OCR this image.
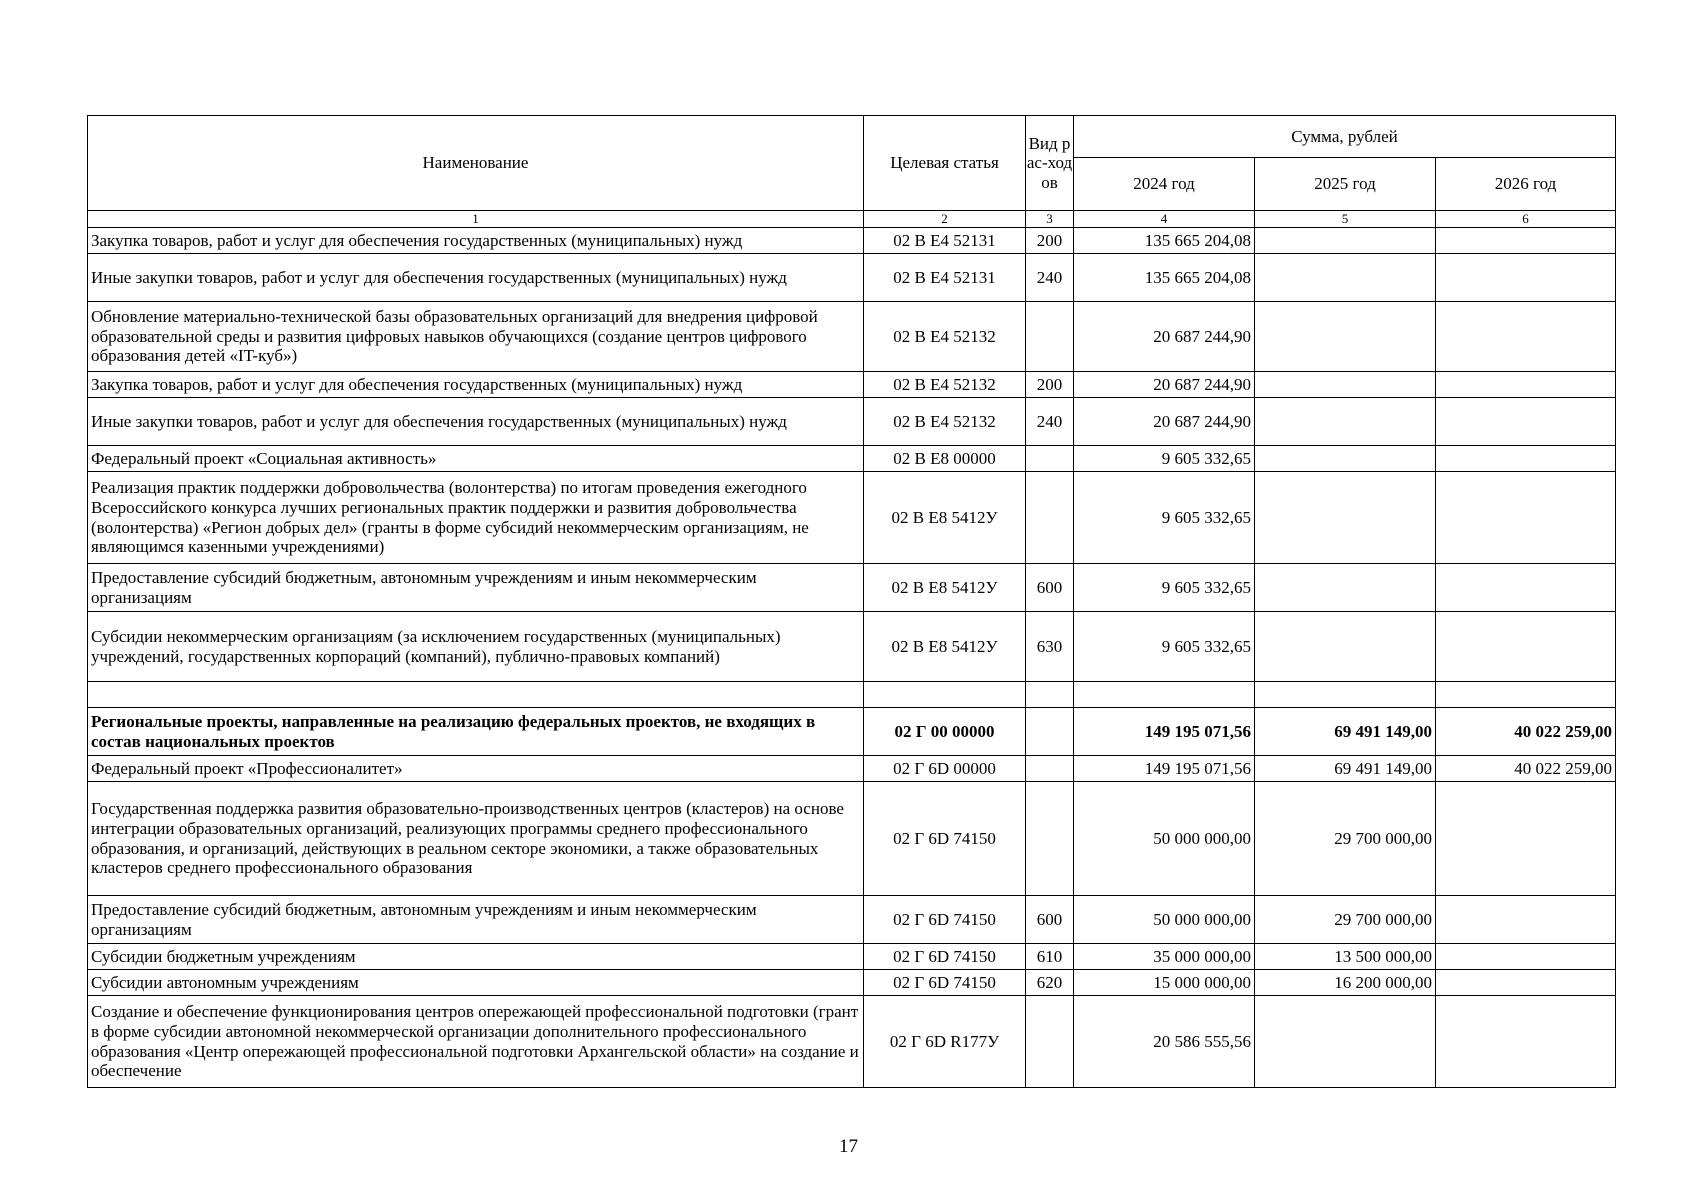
Наименование	Целевая статья	Вид рас-ходов	Сумма, рублей		
			2024 год	2025 год	2026 год
1	2	3	4	5	6
Закупка товаров, работ и услуг для обеспечения государственных (муниципальных) нужд	02 В Е4 52131	200	135 665 204,08		
Иные закупки товаров, работ и услуг для обеспечения государственных (муниципальных) нужд	02 В Е4 52131	240	135 665 204,08		
Обновление материально-технической базы образовательных организаций для внедрения цифровой образовательной среды и развития цифровых навыков обучающихся (создание центров цифрового образования детей «IT-куб»)	02 В Е4 52132		20 687 244,90		
Закупка товаров, работ и услуг для обеспечения государственных (муниципальных) нужд	02 В Е4 52132	200	20 687 244,90		
Иные закупки товаров, работ и услуг для обеспечения государственных (муниципальных) нужд	02 В Е4 52132	240	20 687 244,90		
Федеральный проект «Социальная активность»	02 В Е8 00000		9 605 332,65		
Реализация практик поддержки добровольчества (волонтерства) по итогам проведения ежегодного Всероссийского конкурса лучших региональных практик поддержки и развития добровольчества (волонтерства) «Регион добрых дел» (гранты в форме субсидий некоммерческим организациям, не являющимся казенными учреждениями)	02 В Е8 5412У		9 605 332,65		
Предоставление субсидий бюджетным, автономным учреждениям и иным некоммерческим организациям	02 В Е8 5412У	600	9 605 332,65		
Субсидии некоммерческим организациям (за исключением государственных (муниципальных) учреждений, государственных корпораций (компаний), публично-правовых компаний)	02 В Е8 5412У	630	9 605 332,65		

Региональные проекты, направленные на реализацию федеральных проектов, не входящих в состав национальных проектов	02 Г 00 00000		149 195 071,56	69 491 149,00	40 022 259,00
Федеральный проект «Профессионалитет»	02 Г 6D 00000		149 195 071,56	69 491 149,00	40 022 259,00
Государственная поддержка развития образовательно-производственных центров (кластеров) на основе интеграции образовательных организаций, реализующих программы среднего профессионального образования, и организаций, действующих в реальном секторе экономики, а также образовательных кластеров среднего профессионального образования	02 Г 6D 74150		50 000 000,00	29 700 000,00	
Предоставление субсидий бюджетным, автономным учреждениям и иным некоммерческим организациям	02 Г 6D 74150	600	50 000 000,00	29 700 000,00	
Субсидии бюджетным учреждениям	02 Г 6D 74150	610	35 000 000,00	13 500 000,00	
Субсидии автономным учреждениям	02 Г 6D 74150	620	15 000 000,00	16 200 000,00	
Создание и обеспечение функционирования центров опережающей профессиональной подготовки (грант в форме субсидии автономной некоммерческой организации дополнительного профессионального образования «Центр опережающей профессиональной подготовки Архангельской области» на создание и обеспечение	02 Г 6D R177У		20 586 555,56		
17
